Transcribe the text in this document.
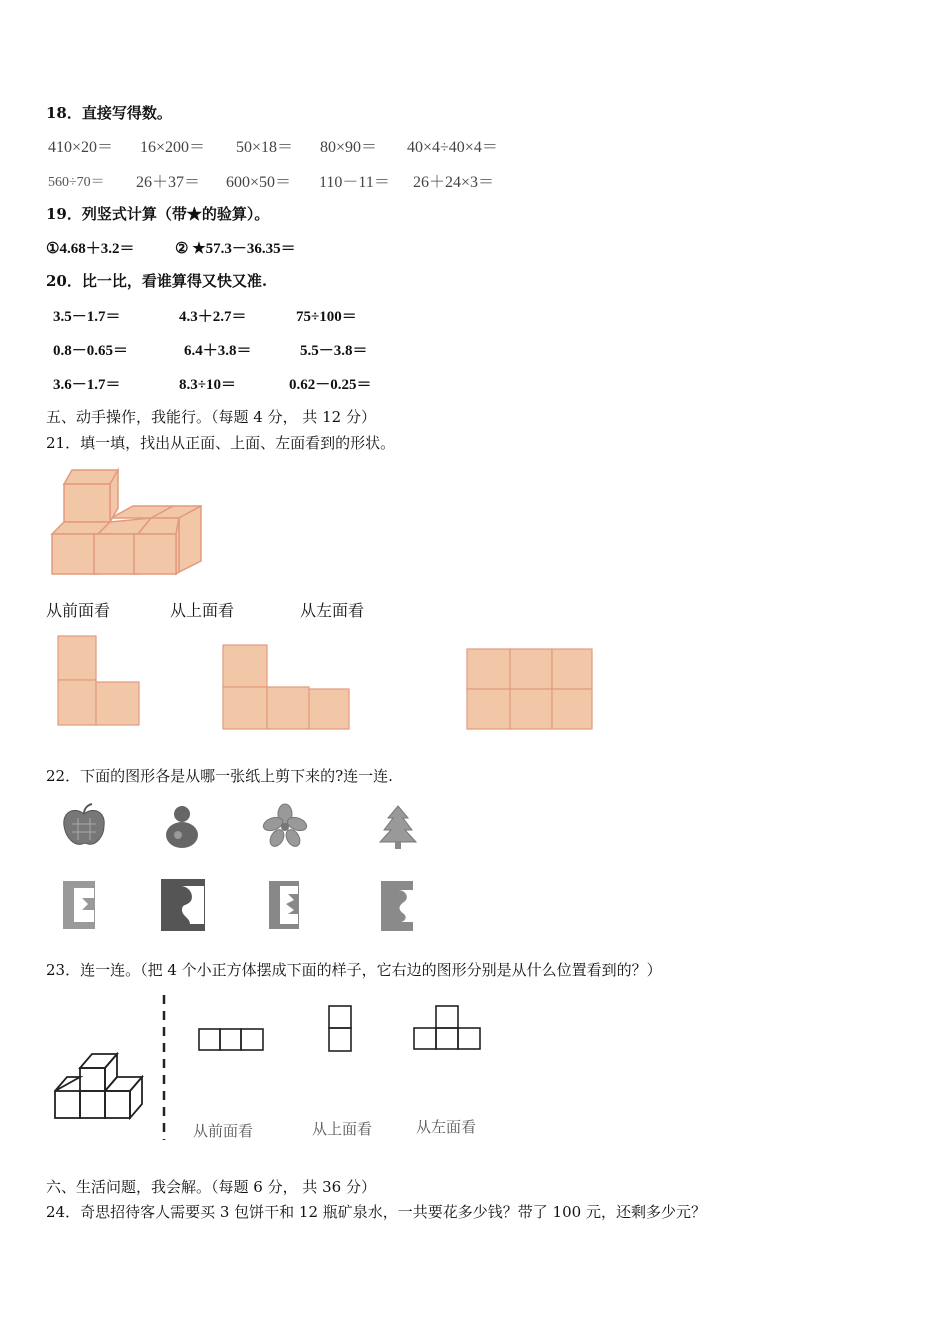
18．直接写得数。
410×20＝ 16×200＝ 50×18＝ 80×90＝ 40×4÷40×4＝
560÷70＝ 26＋37＝ 600×50＝ 110－11＝ 26＋24×3＝
19．列竖式计算（带★的验算）。
①4.68＋3.2＝	② ★57.3－36.35＝
20．比一比，看谁算得又快又准.
3.5－1.7＝	4.3＋2.7＝	75÷100＝
0.8－0.65＝	6.4＋3.8＝	5.5－3.8＝
3.6－1.7＝	8.3÷10＝	0.62－0.25＝
五、动手操作，我能行。（每题 4 分， 共 12 分）
21．填一填，找出从正面、上面、左面看到的形状。
从前面看	从上面看	从左面看
22．下面的图形各是从哪一张纸上剪下来的?连一连.
23．连一连。（把 4 个小正方体摆成下面的样子，它右边的图形分别是从什么位置看到的？）
从前面看	从上面看	从左面看
六、生活问题，我会解。（每题 6 分， 共 36 分）
24．奇思招待客人需要买 3 包饼干和 12 瓶矿泉水，一共要花多少钱？带了 100 元，还剩多少元？
